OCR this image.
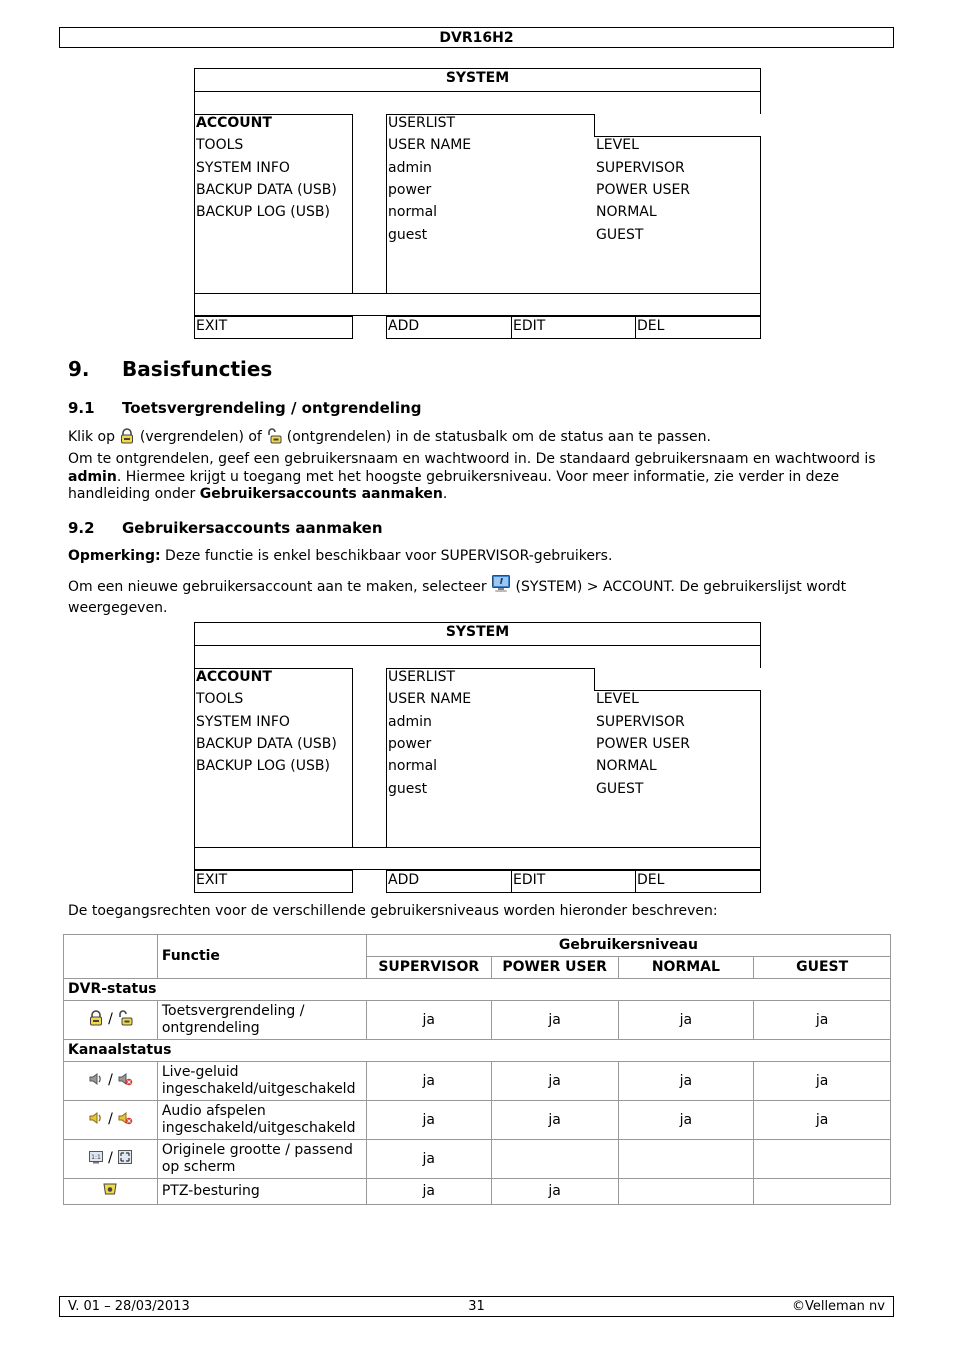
DVR16H2
SYSTEM
ACCOUNT
TOOLS
SYSTEM INFO
BACKUP DATA (USB)
BACKUP LOG (USB)
USERLIST
USER NAME	LEVEL
admin	SUPERVISOR
power	POWER USER
normal	NORMAL
guest	GUEST
EXIT	ADD	EDIT	DEL
9. Basisfuncties
9.1 Toetsvergrendeling / ontgrendeling

Klik op  (vergrendelen) of  (ontgrendelen) in de statusbalk om de status aan te passen.

Om te ontgrendelen, geef een gebruikersnaam en wachtwoord in. De standaard gebruikersnaam en wachtwoord is admin. Hiermee krijgt u toegang met het hoogste gebruikersniveau. Voor meer informatie, zie verder in deze handleiding onder Gebruikersaccounts aanmaken.

9.2 Gebruikersaccounts aanmaken

Opmerking: Deze functie is enkel beschikbaar voor SUPERVISOR-gebruikers.

Om een nieuwe gebruikersaccount aan te maken, selecteer  (SYSTEM) > ACCOUNT. De gebruikerslijst wordt weergegeven.

SYSTEM
ACCOUNT
TOOLS
SYSTEM INFO
BACKUP DATA (USB)
BACKUP LOG (USB)
USERLIST
USER NAME	LEVEL
admin	SUPERVISOR
power	POWER USER
normal	NORMAL
guest	GUEST
EXIT	ADD	EDIT	DEL

De toegangsrechten voor de verschillende gebruikersniveaus worden hieronder beschreven:

	Functie	Gebruikersniveau			
		SUPERVISOR	POWER USER	NORMAL	GUEST
DVR-status					
/	Toetsvergrendeling / ontgrendeling	ja	ja	ja	ja
Kanaalstatus					
/	Live-geluid ingeschakeld/uitgeschakeld	ja	ja	ja	ja
/	Audio afspelen ingeschakeld/uitgeschakeld	ja	ja	ja	ja

1:1 /	Originele grootte / passend op scherm	ja			
	PTZ-besturing	ja	ja		
V. 01 – 28/03/2013	31	©Velleman nv
